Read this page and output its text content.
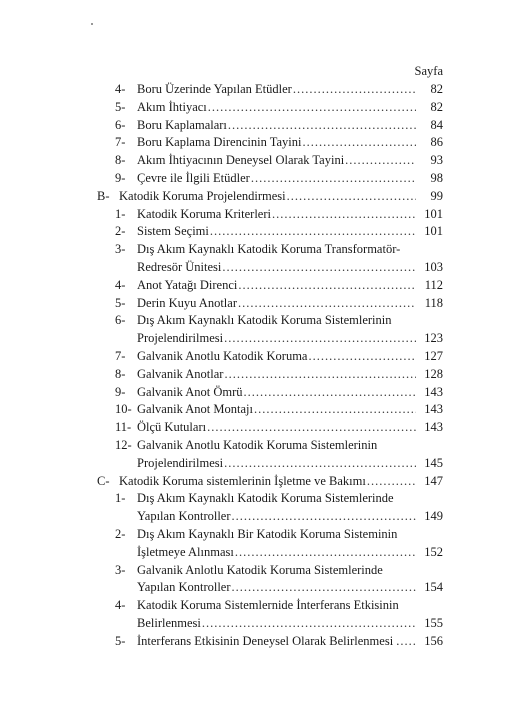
Sayfa
4- Boru Üzerinde Yapılan Etüdler .....	82
5- Akım İhtiyacı .....	82
6- Boru Kaplamaları .....	84
7- Boru Kaplama Direncinin Tayini .....	86
8- Akım İhtiyacının Deneysel Olarak Tayini .....	93
9- Çevre ile İlgili Etüdler .....	98
B- Katodik Koruma Projelendirmesi .....	99
1- Katodik Koruma Kriterleri .....	101
2- Sistem Seçimi .....	101
3- Dış Akım Kaynaklı Katodik Koruma Transformatör-
Redresör Ünitesi .....	103
4- Anot Yatağı Direnci .....	112
5- Derin Kuyu Anotlar .....	118
6- Dış Akım Kaynaklı Katodik Koruma Sistemlerinin
Projelendirilmesi .....	123
7- Galvanik Anotlu Katodik Koruma .....	127
8- Galvanik Anotlar .....	128
9- Galvanik Anot Ömrü .....	143
10- Galvanik Anot Montajı .....	143
11- Ölçü Kutuları .....	143
12- Galvanik Anotlu Katodik Koruma Sistemlerinin
Projelendirilmesi .....	145
C- Katodik Koruma sistemlerinin İşletme ve Bakımı .....	147
1- Dış Akım Kaynaklı Katodik Koruma Sistemlerinde
Yapılan Kontroller .....	149
2- Dış Akım Kaynaklı Bir Katodik Koruma Sisteminin
İşletmeye Alınması .....	152
3- Galvanik Anlotlu Katodik Koruma Sistemlerinde
Yapılan Kontroller .....	154
4- Katodik Koruma Sistemlernide İnterferans Etkisinin
Belirlenmesi .....	155
5- İnterferans Etkisinin Deneysel Olarak Belirlenmesi . .....	156
